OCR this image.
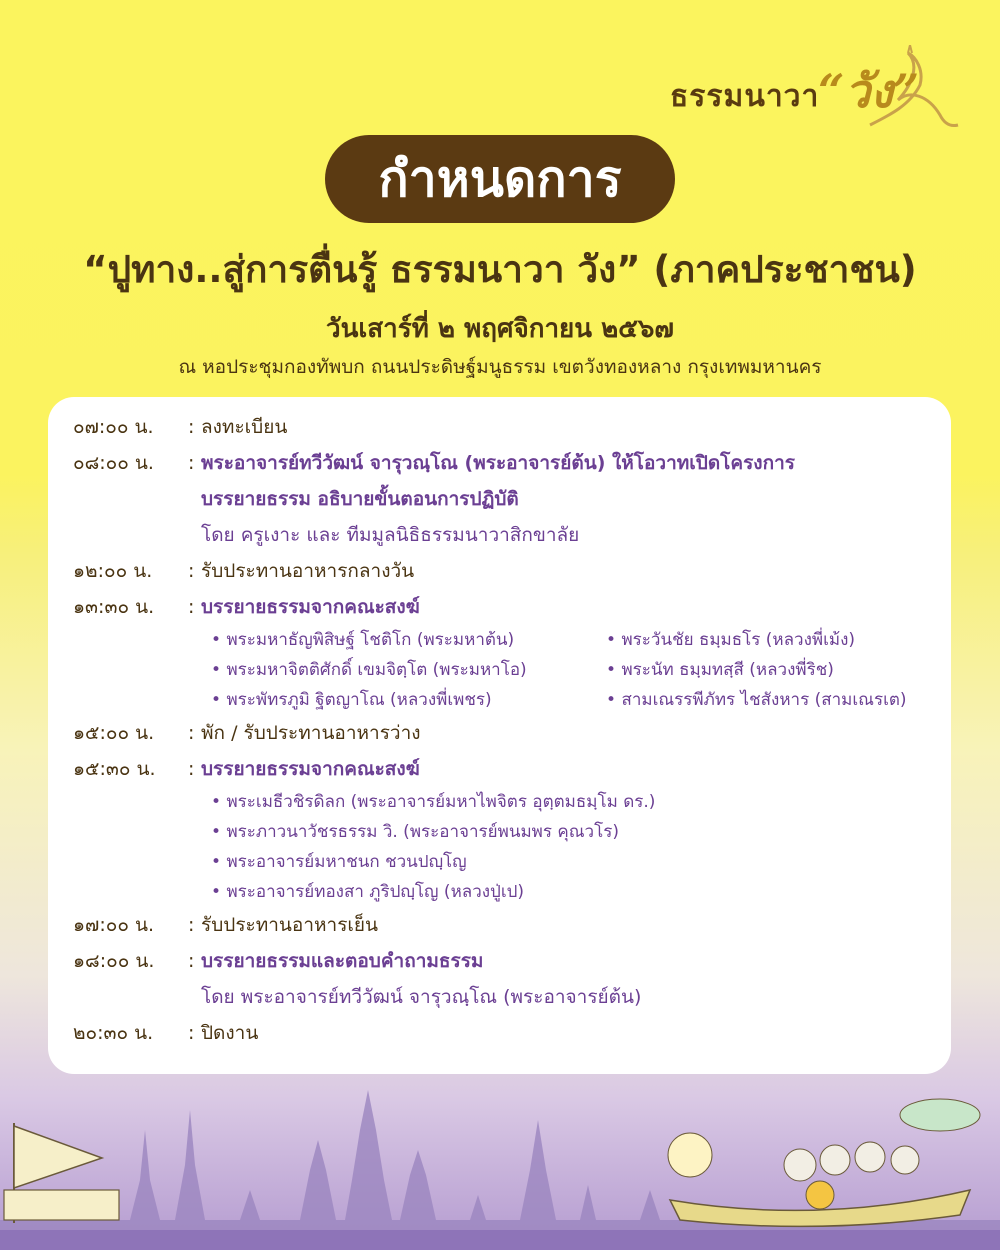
ธรรมนาวา
“วัง”
กำหนดการ
“ปูทาง..สู่การตื่นรู้ ธรรมนาวา วัง” (ภาคประชาชน)
วันเสาร์ที่ ๒ พฤศจิกายน ๒๕๖๗
ณ หอประชุมกองทัพบก ถนนประดิษฐ์มนูธรรม เขตวังทองหลาง กรุงเทพมหานคร
๐๗:๐๐ น.	: ลงทะเบียน
๐๘:๐๐ น.	: พระอาจารย์ทวีวัฒน์ จารุวณฺโณ (พระอาจารย์ต้น) ให้โอวาทเปิดโครงการ
บรรยายธรรม อธิบายขั้นตอนการปฏิบัติ
โดย ครูเงาะ และ ทีมมูลนิธิธรรมนาวาสิกขาลัย
๑๒:๐๐ น.	: รับประทานอาหารกลางวัน
๑๓:๓๐ น.	: บรรยายธรรมจากคณะสงฆ์
• พระมหาธัญพิสิษฐ์ โชติโก (พระมหาต้น)	• พระวันชัย ธมฺมธโร (หลวงพี่เม้ง)
• พระมหาจิตติศักดิ์ เขมจิตฺโต (พระมหาโอ)	• พระนัท ธมฺมทสฺสี (หลวงพี่ริช)
• พระพัทรภูมิ ฐิตญาโณ (หลวงพี่เพชร)	• สามเณรรพีภัทร ไชสังหาร (สามเณรเต)
๑๕:๐๐ น.	: พัก / รับประทานอาหารว่าง
๑๕:๓๐ น.	: บรรยายธรรมจากคณะสงฆ์
• พระเมธีวชิรดิลก (พระอาจารย์มหาไพจิตร อุตฺตมธมฺโม ดร.)
• พระภาวนาวัชรธรรม วิ. (พระอาจารย์พนมพร คุณวโร)
• พระอาจารย์มหาชนก ชวนปญฺโญ
• พระอาจารย์ทองสา ภูริปญฺโญ (หลวงปู่เป)
๑๗:๐๐ น.	: รับประทานอาหารเย็น
๑๘:๐๐ น.	: บรรยายธรรมและตอบคำถามธรรม
โดย พระอาจารย์ทวีวัฒน์ จารุวณฺโณ (พระอาจารย์ต้น)
๒๐:๓๐ น.	: ปิดงาน
